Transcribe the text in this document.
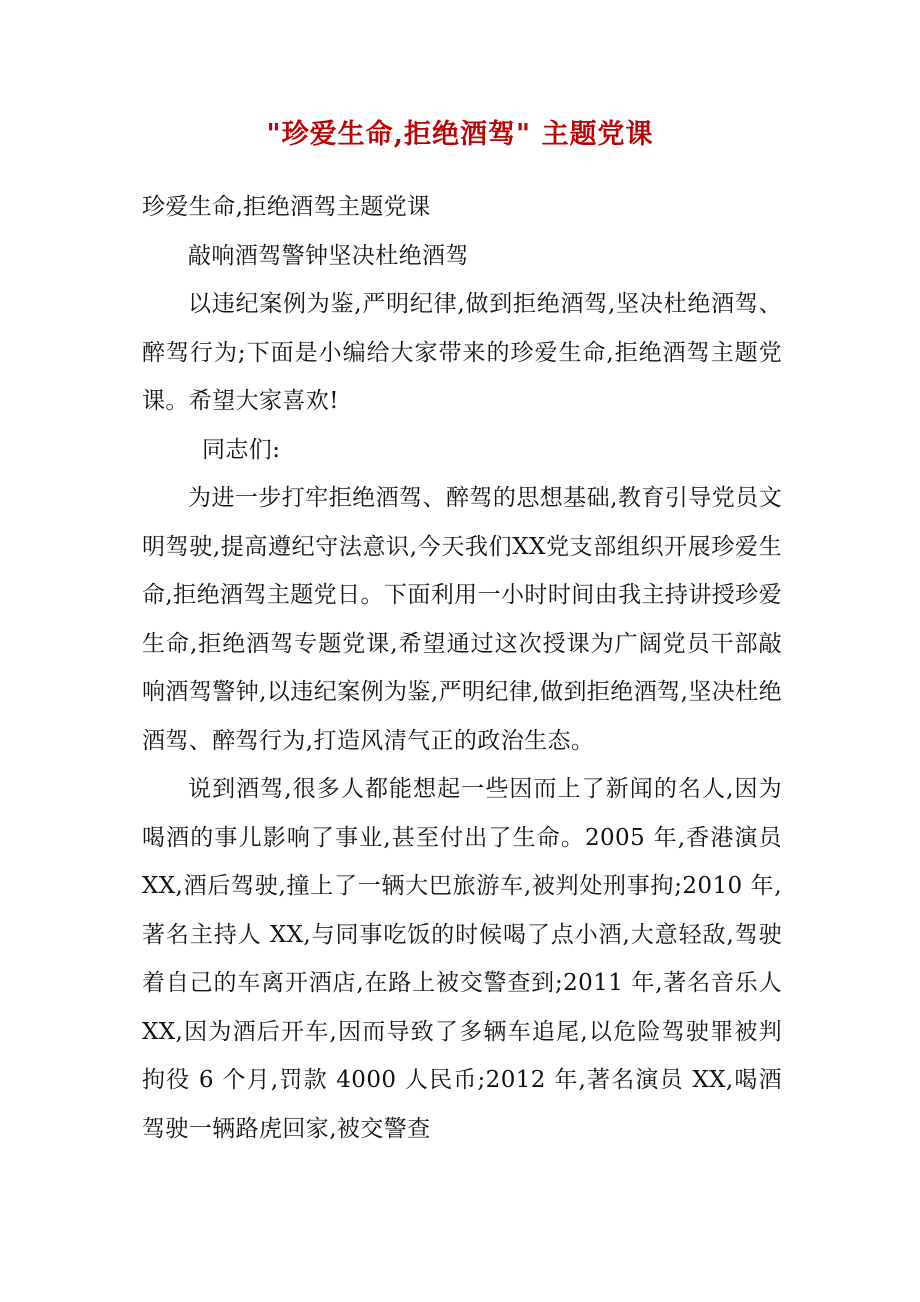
"珍爱生命,拒绝酒驾" 主题党课

珍爱生命,拒绝酒驾主题党课

敲响酒驾警钟坚决杜绝酒驾

以违纪案例为鉴,严明纪律,做到拒绝酒驾,坚决杜绝酒驾、醉驾行为;下面是小编给大家带来的珍爱生命,拒绝酒驾主题党课。希望大家喜欢!

同志们:

为进一步打牢拒绝酒驾、醉驾的思想基础,教育引导党员文明驾驶,提高遵纪守法意识,今天我们XX党支部组织开展珍爱生命,拒绝酒驾主题党日。下面利用一小时时间由我主持讲授珍爱生命,拒绝酒驾专题党课,希望通过这次授课为广阔党员干部敲响酒驾警钟,以违纪案例为鉴,严明纪律,做到拒绝酒驾,坚决杜绝酒驾、醉驾行为,打造风清气正的政治生态。

说到酒驾,很多人都能想起一些因而上了新闻的名人,因为喝酒的事儿影响了事业,甚至付出了生命。2005 年,香港演员 XX,酒后驾驶,撞上了一辆大巴旅游车,被判处刑事拘;2010 年,著名主持人 XX,与同事吃饭的时候喝了点小酒,大意轻敌,驾驶着自己的车离开酒店,在路上被交警查到;2011 年,著名音乐人 XX,因为酒后开车,因而导致了多辆车追尾,以危险驾驶罪被判拘役 6 个月,罚款 4000 人民币;2012 年,著名演员 XX,喝酒驾驶一辆路虎回家,被交警查
